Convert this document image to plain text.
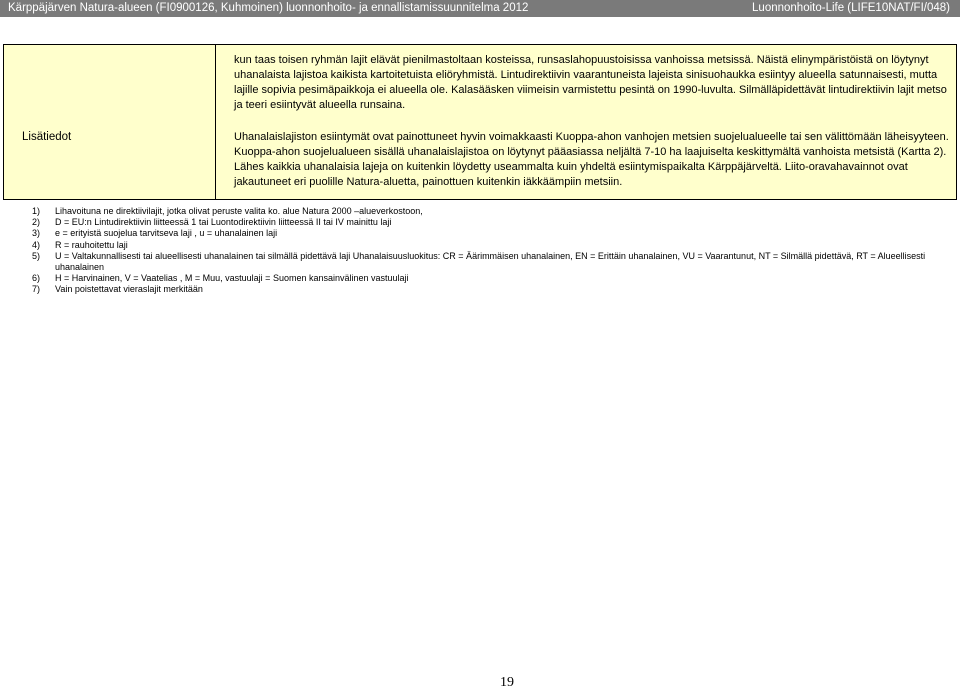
Kärppäjärven Natura-alueen (FI0900126, Kuhmoinen) luonnonhoito- ja ennallistamissuunnitelma 2012	Luonnonhoito-Life (LIFE10NAT/FI/048)
Lisätiedot	

kun taas toisen ryhmän lajit elävät pienilmastoltaan kosteissa, runsaslahopuustoisissa vanhoissa metsissä. Näistä elinympäristöistä on löytynyt uhanalaista lajistoa kaikista kartoitetuista eliöryhmistä. Lintudirektiivin vaarantuneista lajeista sinisuohaukka esiintyy alueella satunnaisesti, mutta lajille sopivia pesimäpaikkoja ei alueella ole. Kalasääsken viimeisin varmistettu pesintä on 1990-luvulta. Silmälläpidettävät lintudirektiivin lajit metso ja teeri esiintyvät alueella runsaina.

Uhanalaislajiston esiintymät ovat painottuneet hyvin voimakkaasti Kuoppa-ahon vanhojen metsien suojelualueelle tai sen välittömään läheisyyteen. Kuoppa-ahon suojelualueen sisällä uhanalaislajistoa on löytynyt pääasiassa neljältä 7-10 ha laajuiselta keskittymältä vanhoista metsistä (Kartta 2). Lähes kaikkia uhanalaisia lajeja on kuitenkin löydetty useammalta kuin yhdeltä esiintymispaikalta Kärppäjärveltä. Liito-oravahavainnot ovat jakautuneet eri puolille Natura-aluetta, painottuen kuitenkin iäkkäämpiin metsiin.

1)	Lihavoituna ne direktiivilajit, jotka olivat peruste valita ko. alue Natura 2000 –alueverkostoon,
2)	D = EU:n Lintudirektiivin liitteessä 1 tai Luontodirektiivin liitteessä II tai IV mainittu laji
3)	e = erityistä suojelua tarvitseva laji , u = uhanalainen laji
4)	R = rauhoitettu laji
5)	U = Valtakunnallisesti tai alueellisesti uhanalainen tai silmällä pidettävä laji Uhanalaisuusluokitus: CR = Äärimmäisen uhanalainen, EN = Erittäin uhanalainen, VU = Vaarantunut, NT = Silmällä pidettävä, RT = Alueellisesti uhanalainen
6)	H = Harvinainen, V = Vaatelias , M = Muu, vastuulaji = Suomen kansainvälinen vastuulaji
7)	Vain poistettavat vieraslajit merkitään
19
